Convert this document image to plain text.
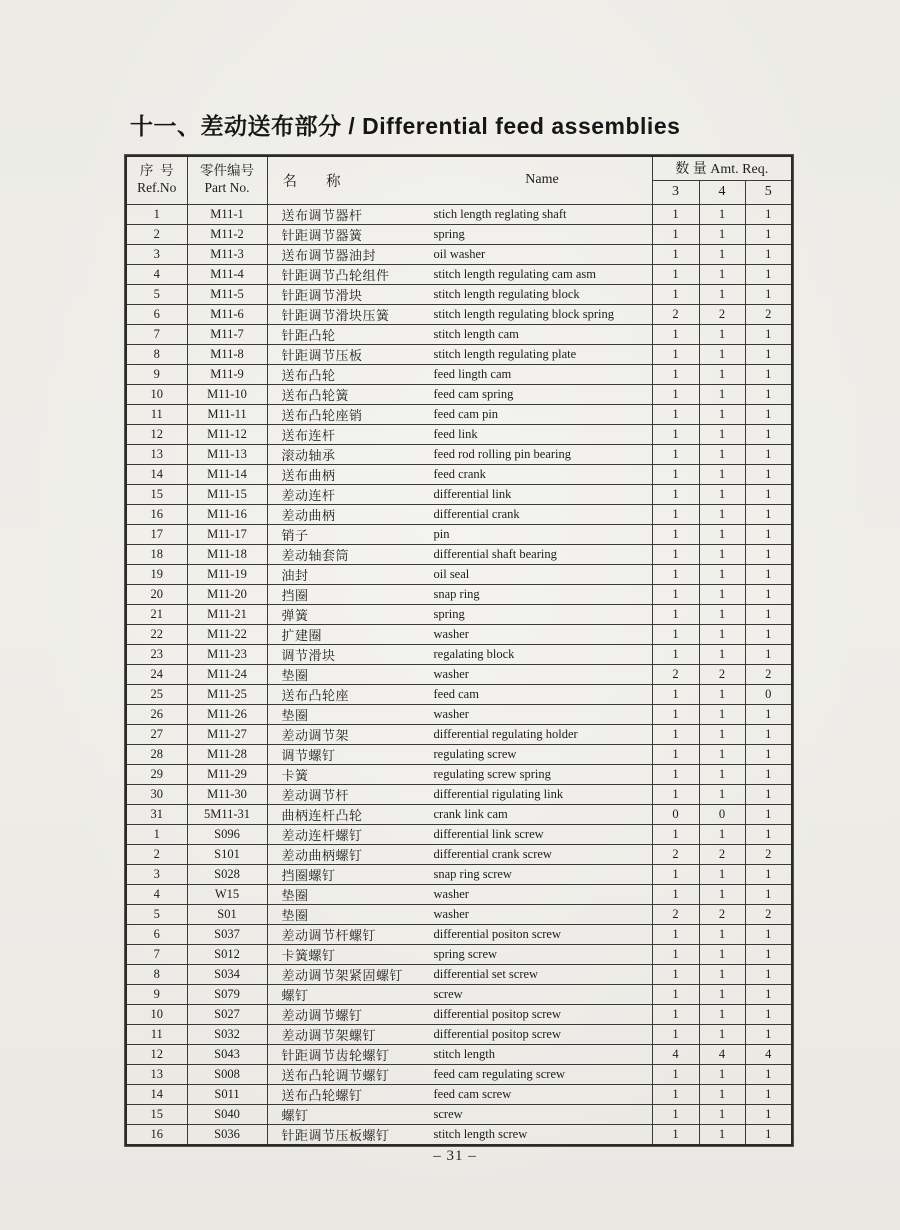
十一、差动送布部分 / Differential feed assemblies
序  号
Ref.No

零件编号
Part No.	名        称	Name
	数 量 Amt. Req.
			3	4	5
1	M11-1	送布调节器杆 stich length reglating shaft	1	1	1
2	M11-2	针距调节器簧 spring	1	1	1
3	M11-3	送布调节器油封 oil washer	1	1	1
4	M11-4	针距调节凸轮组件 stitch length regulating cam asm	1	1	1
5	M11-5	针距调节滑块 stitch length regulating block	1	1	1
6	M11-6	针距调节滑块压簧 stitch length regulating block spring	2	2	2
7	M11-7	针距凸轮 stitch length cam	1	1	1
8	M11-8	针距调节压板 stitch length regulating plate	1	1	1
9	M11-9	送布凸轮 feed lingth cam	1	1	1
10	M11-10	送布凸轮簧 feed cam spring	1	1	1
11	M11-11	送布凸轮座销 feed cam pin	1	1	1
12	M11-12	送布连杆 feed link	1	1	1
13	M11-13	滚动轴承 feed rod rolling pin bearing	1	1	1
14	M11-14	送布曲柄 feed crank	1	1	1
15	M11-15	差动连杆 differential link	1	1	1
16	M11-16	差动曲柄 differential crank	1	1	1
17	M11-17	销子 pin	1	1	1
18	M11-18	差动轴套筒 differential shaft bearing	1	1	1
19	M11-19	油封 oil seal	1	1	1
20	M11-20	挡圈 snap ring	1	1	1
21	M11-21	弹簧 spring	1	1	1
22	M11-22	扩建圈 washer	1	1	1
23	M11-23	调节滑块 regalating block	1	1	1
24	M11-24	垫圈 washer	2	2	2
25	M11-25	送布凸轮座 feed cam	1	1	0
26	M11-26	垫圈 washer	1	1	1
27	M11-27	差动调节架 differential regulating holder	1	1	1
28	M11-28	调节螺钉 regulating screw	1	1	1
29	M11-29	卡簧 regulating screw spring	1	1	1
30	M11-30	差动调节杆 differential rigulating link	1	1	1
31	5M11-31	曲柄连杆凸轮 crank link cam	0	0	1
1	S096	差动连杆螺钉 differential link screw	1	1	1
2	S101	差动曲柄螺钉 differential crank screw	2	2	2
3	S028	挡圈螺钉 snap ring screw	1	1	1
4	W15	垫圈 washer	1	1	1
5	S01	垫圈 washer	2	2	2
6	S037	差动调节杆螺钉 differential positon screw	1	1	1
7	S012	卡簧螺钉 spring screw	1	1	1
8	S034	差动调节架紧固螺钉 differential set screw	1	1	1
9	S079	螺钉 screw	1	1	1
10	S027	差动调节螺钉 differential positop screw	1	1	1
11	S032	差动调节架螺钉 differential positop screw	1	1	1
12	S043	针距调节齿轮螺钉 stitch length	4	4	4
13	S008	送布凸轮调节螺钉 feed cam regulating screw	1	1	1
14	S011	送布凸轮螺钉 feed cam screw	1	1	1
15	S040	螺钉 screw	1	1	1
16	S036	针距调节压板螺钉 stitch length screw	1	1	1
– 31 –
